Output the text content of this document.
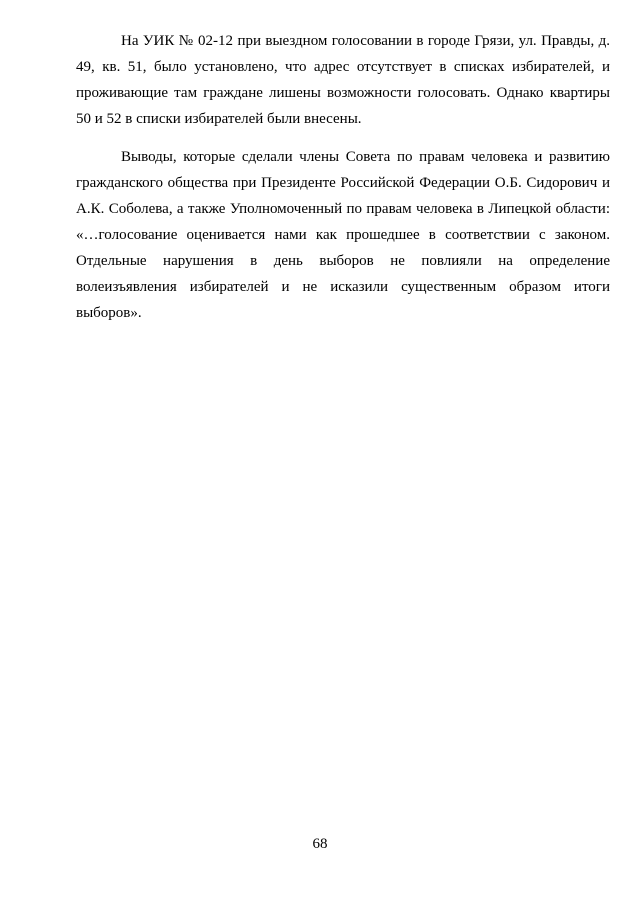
На УИК № 02-12 при выездном голосовании в городе Грязи, ул. Правды, д. 49, кв. 51, было установлено, что адрес отсутствует в списках избирателей, и проживающие там граждане лишены возможности голосовать. Однако квартиры 50 и 52 в списки избирателей были внесены.

Выводы, которые сделали члены Совета по правам человека и развитию гражданского общества при Президенте Российской Федерации О.Б. Сидорович и А.К. Соболева, а также Уполномоченный по правам человека в Липецкой области: «…голосование оценивается нами как прошедшее в соответствии с законом. Отдельные нарушения в день выборов не повлияли на определение волеизъявления избирателей и не исказили существенным образом итоги выборов».

68
